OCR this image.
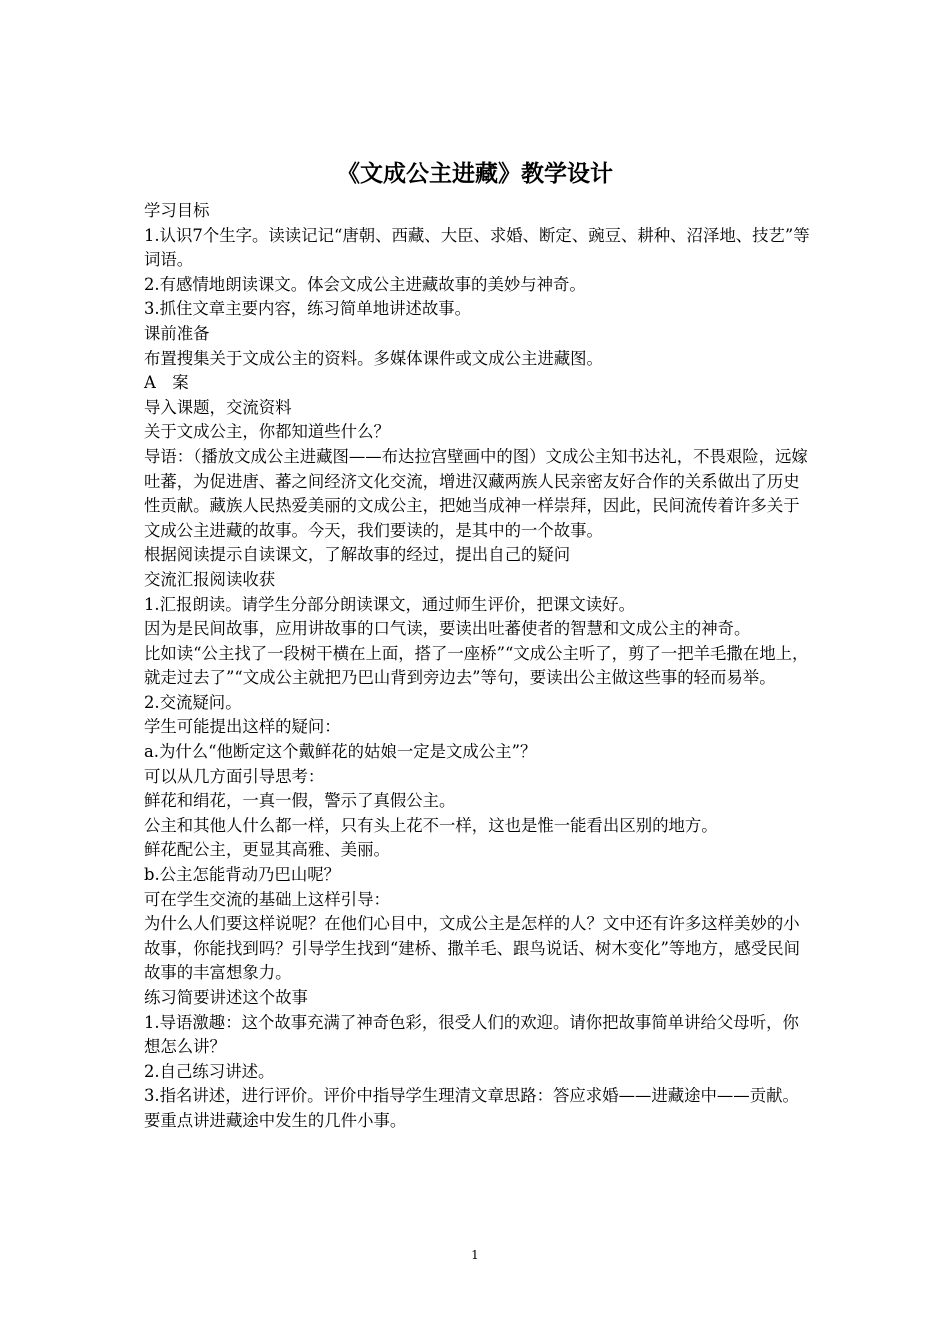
《文成公主进藏》教学设计

学习目标

1.认识7个生字。读读记记“唐朝、西藏、大臣、求婚、断定、豌豆、耕种、沼泽地、技艺”等词语。

2.有感情地朗读课文。体会文成公主进藏故事的美妙与神奇。

3.抓住文章主要内容，练习简单地讲述故事。

课前准备

布置搜集关于文成公主的资料。多媒体课件或文成公主进藏图。

A　案

导入课题，交流资料

关于文成公主，你都知道些什么？

导语：（播放文成公主进藏图——布达拉宫壁画中的图）文成公主知书达礼，不畏艰险，远嫁吐蕃，为促进唐、蕃之间经济文化交流，增进汉藏两族人民亲密友好合作的关系做出了历史性贡献。藏族人民热爱美丽的文成公主，把她当成神一样崇拜，因此，民间流传着许多关于文成公主进藏的故事。今天，我们要读的，是其中的一个故事。

根据阅读提示自读课文，了解故事的经过，提出自己的疑问

交流汇报阅读收获

1.汇报朗读。请学生分部分朗读课文，通过师生评价，把课文读好。

因为是民间故事，应用讲故事的口气读，要读出吐蕃使者的智慧和文成公主的神奇。

比如读“公主找了一段树干横在上面，搭了一座桥”“文成公主听了，剪了一把羊毛撒在地上，就走过去了”“文成公主就把乃巴山背到旁边去”等句，要读出公主做这些事的轻而易举。

2.交流疑问。

学生可能提出这样的疑问：

a.为什么“他断定这个戴鲜花的姑娘一定是文成公主”？

可以从几方面引导思考：

鲜花和绢花，一真一假，警示了真假公主。

公主和其他人什么都一样，只有头上花不一样，这也是惟一能看出区别的地方。

鲜花配公主，更显其高雅、美丽。

b.公主怎能背动乃巴山呢？

可在学生交流的基础上这样引导：

为什么人们要这样说呢？在他们心目中，文成公主是怎样的人？文中还有许多这样美妙的小故事，你能找到吗？引导学生找到“建桥、撒羊毛、跟鸟说话、树木变化”等地方，感受民间故事的丰富想象力。

练习简要讲述这个故事

1.导语激趣：这个故事充满了神奇色彩，很受人们的欢迎。请你把故事简单讲给父母听，你想怎么讲？

2.自己练习讲述。

3.指名讲述，进行评价。评价中指导学生理清文章思路：答应求婚——进藏途中——贡献。要重点讲进藏途中发生的几件小事。

1
